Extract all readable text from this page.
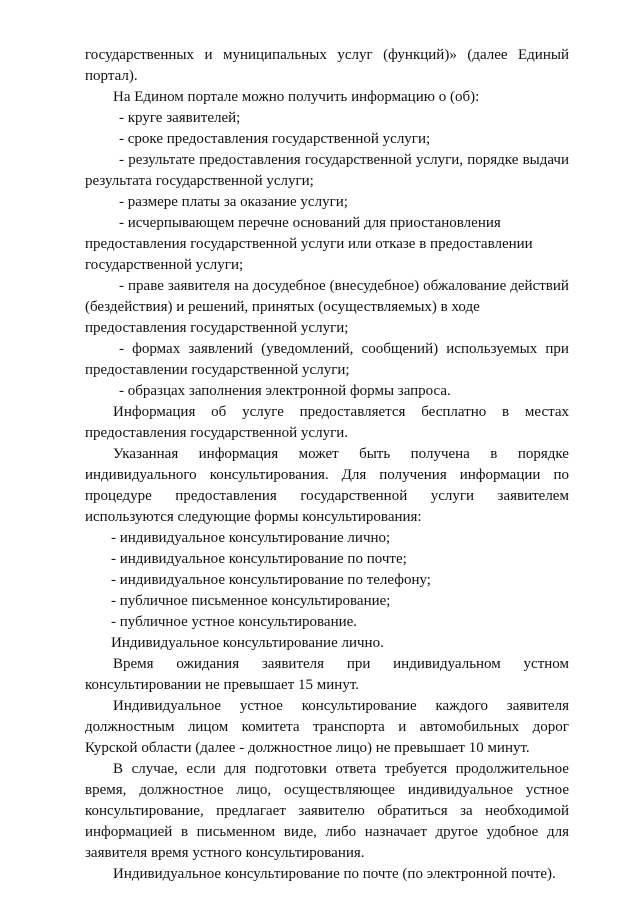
государственных и муниципальных услуг (функций)» (далее Единый
портал).
На Едином портале можно получить информацию о (об):
- круге заявителей;
- сроке предоставления государственной услуги;
- результате предоставления государственной услуги, порядке выдачи
результата государственной услуги;
- размере платы за оказание услуги;
- исчерпывающем перечне оснований для приостановления
предоставления государственной услуги или отказе в предоставлении
государственной услуги;
- праве заявителя на досудебное (внесудебное) обжалование действий
(бездействия) и решений, принятых (осуществляемых) в ходе
предоставления государственной услуги;
- формах заявлений (уведомлений, сообщений) используемых при
предоставлении государственной услуги;
- образцах заполнения электронной формы запроса.
Информация об услуге предоставляется бесплатно в местах
предоставления государственной услуги.
Указанная информация может быть получена в порядке
индивидуального консультирования. Для получения информации по
процедуре предоставления государственной услуги заявителем
используются следующие формы консультирования:
- индивидуальное консультирование лично;
- индивидуальное консультирование по почте;
- индивидуальное консультирование по телефону;
- публичное письменное консультирование;
- публичное устное консультирование.
Индивидуальное консультирование лично.
Время ожидания заявителя при индивидуальном устном
консультировании не превышает 15 минут.
Индивидуальное устное консультирование каждого заявителя
должностным лицом комитета транспорта и автомобильных дорог
Курской области (далее - должностное лицо) не превышает 10 минут.
В случае, если для подготовки ответа требуется продолжительное
время, должностное лицо, осуществляющее индивидуальное устное
консультирование, предлагает заявителю обратиться за необходимой
информацией в письменном виде, либо назначает другое удобное для
заявителя время устного консультирования.
Индивидуальное консультирование по почте (по электронной почте).
